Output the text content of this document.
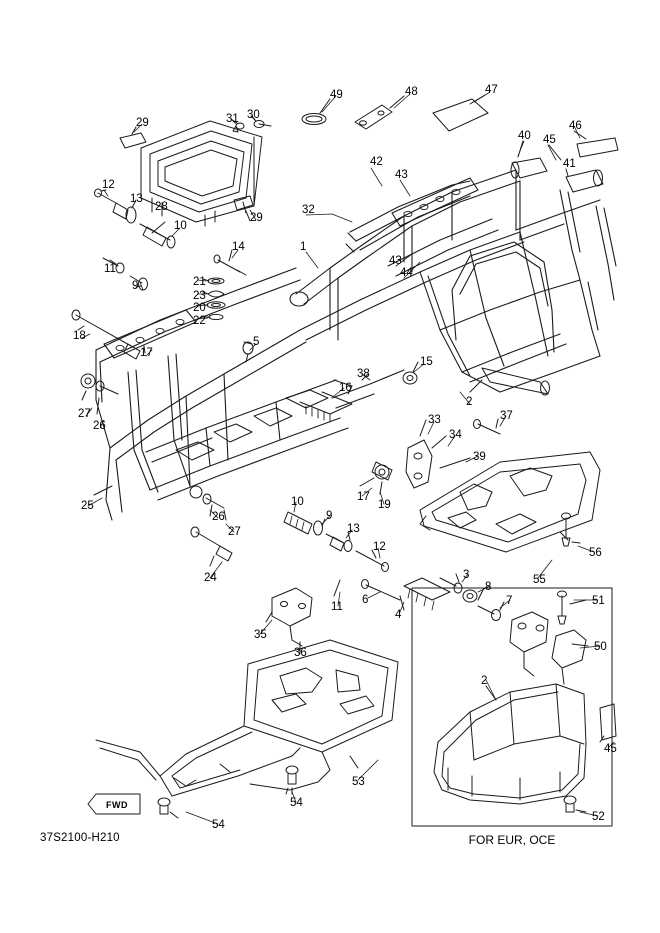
FWD
37S2100-H210	FOR EUR, OCE
49	48	47
29	31 30
40 45
46
41
12
13
42
43
28
29
32
10
11
14	1
43
44
9	21
23
20
22
18
17
5
15
38
16
2
37
27
26	33
34
39
25
26
17
19
10
9
13
27
12	56
24	55
11
6
3
8
7
4
35
36
51
50
2
45
53
54
52
54
